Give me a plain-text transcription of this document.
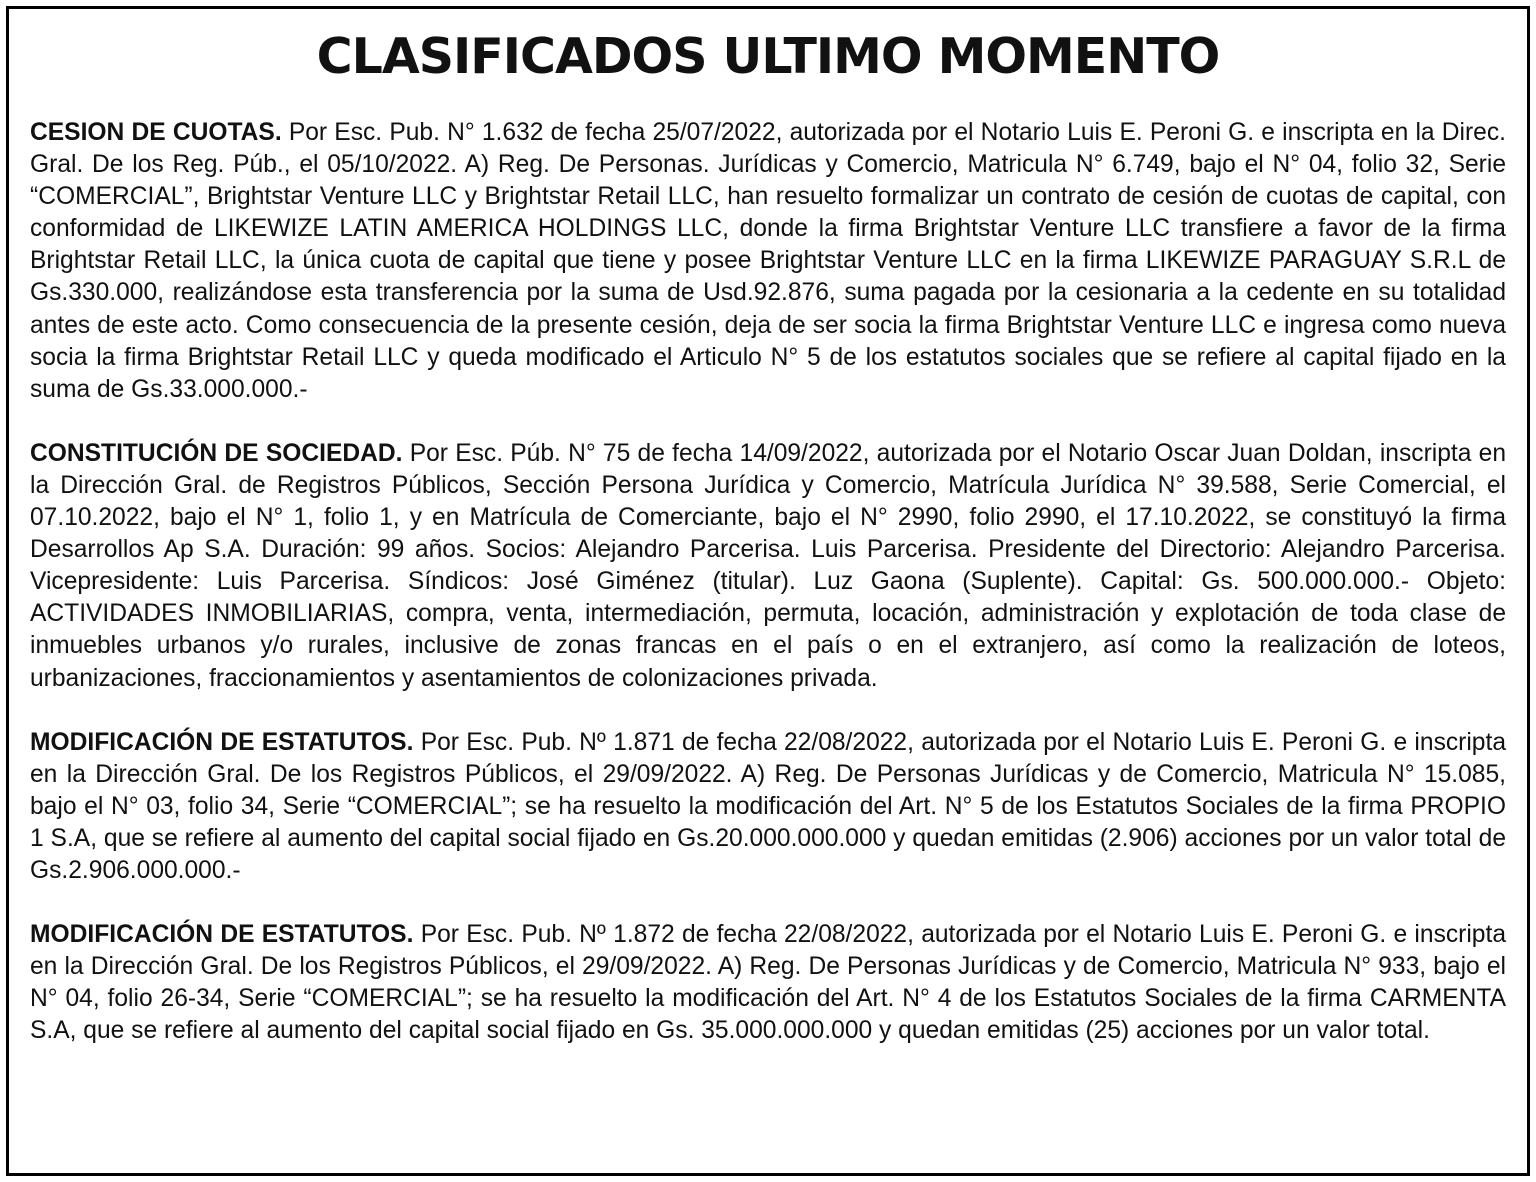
CLASIFICADOS ULTIMO MOMENTO

CESION DE CUOTAS. Por Esc. Pub. N° 1.632 de fecha 25/07/2022, autorizada por el Notario Luis E. Peroni G. e inscripta en la Direc. Gral. De los Reg. Púb., el 05/10/2022. A) Reg. De Personas. Jurídicas y Comercio, Matricula N° 6.749, bajo el N° 04, folio 32, Serie “COMERCIAL”, Brightstar Venture LLC y Brightstar Retail LLC, han resuelto formalizar un contrato de cesión de cuotas de capital, con conformidad de LIKEWIZE LATIN AMERICA HOLDINGS LLC, donde la firma Brightstar Venture LLC transfiere a favor de la firma Brightstar Retail LLC, la única cuota de capital que tiene y posee Brightstar Venture LLC en la firma LIKEWIZE PARAGUAY S.R.L de Gs.330.000, realizándose esta transferencia por la suma de Usd.92.876, suma pagada por la cesionaria a la cedente en su totalidad antes de este acto. Como consecuencia de la presente cesión, deja de ser socia la firma Brightstar Venture LLC e ingresa como nueva socia la firma Brightstar Retail LLC y queda modificado el Articulo N° 5 de los estatutos sociales que se refiere al capital fijado en la suma de Gs.33.000.000.-

CONSTITUCIÓN DE SOCIEDAD. Por Esc. Púb. N° 75 de fecha 14/09/2022, autorizada por el Notario Oscar Juan Doldan, inscripta en la Dirección Gral. de Registros Públicos, Sección Persona Jurídica y Comercio, Matrícula Jurídica N° 39.588, Serie Comercial, el 07.10.2022, bajo el N° 1, folio 1, y en Matrícula de Comerciante, bajo el N° 2990, folio 2990, el 17.10.2022, se constituyó la firma Desarrollos Ap S.A. Duración: 99 años. Socios: Alejandro Parcerisa. Luis Parcerisa. Presidente del Directorio: Alejandro Parcerisa. Vicepresidente: Luis Parcerisa. Síndicos: José Giménez (titular). Luz Gaona (Suplente). Capital: Gs. 500.000.000.- Objeto: ACTIVIDADES INMOBILIARIAS, compra, venta, intermediación, permuta, locación, administración y explotación de toda clase de inmuebles urbanos y/o rurales, inclusive de zonas francas en el país o en el extranjero, así como la realización de loteos, urbanizaciones, fraccionamientos y asentamientos de colonizaciones privada.

MODIFICACIÓN DE ESTATUTOS. Por Esc. Pub. Nº 1.871 de fecha 22/08/2022, autorizada por el Notario Luis E. Peroni G. e inscripta en la Dirección Gral. De los Registros Públicos, el 29/09/2022. A) Reg. De Personas Jurídicas y de Comercio, Matricula N° 15.085, bajo el N° 03, folio 34, Serie “COMERCIAL”; se ha resuelto la modificación del Art. N° 5 de los Estatutos Sociales de la firma PROPIO 1 S.A, que se refiere al aumento del capital social fijado en Gs.20.000.000.000 y quedan emitidas (2.906) acciones por un valor total de Gs.2.906.000.000.-

MODIFICACIÓN DE ESTATUTOS. Por Esc. Pub. Nº 1.872 de fecha 22/08/2022, autorizada por el Notario Luis E. Peroni G. e inscripta en la Dirección Gral. De los Registros Públicos, el 29/09/2022. A) Reg. De Personas Jurídicas y de Comercio, Matricula N° 933, bajo el N° 04, folio 26-34, Serie “COMERCIAL”; se ha resuelto la modificación del Art. N° 4 de los Estatutos Sociales de la firma CARMENTA S.A, que se refiere al aumento del capital social fijado en Gs. 35.000.000.000 y quedan emitidas (25) acciones por un valor total.
